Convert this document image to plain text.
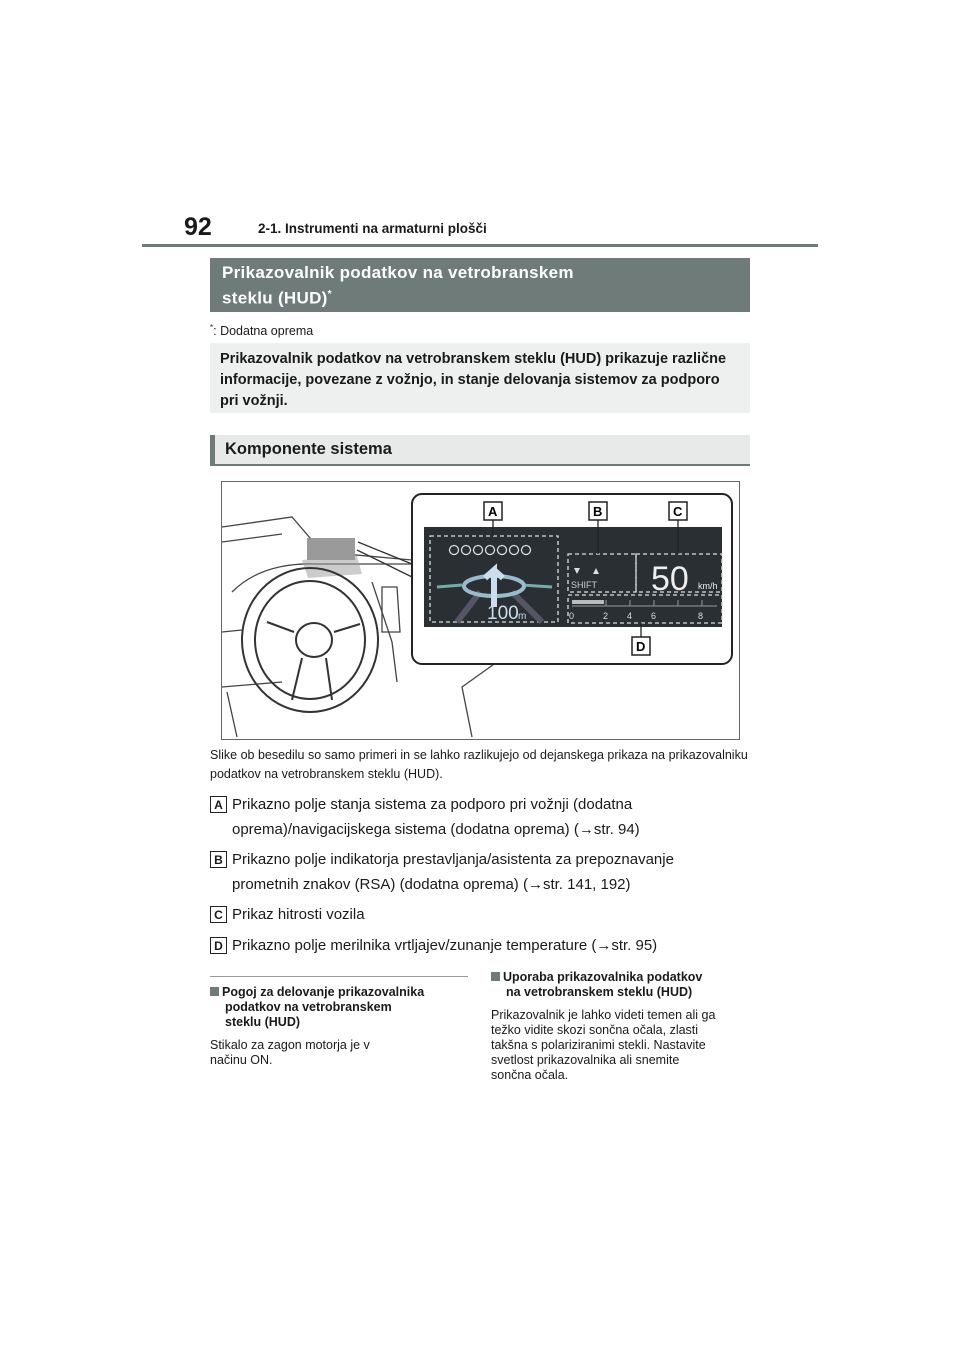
92	2-1. Instrumenti na armaturni plošči
Prikazovalnik podatkov na vetrobranskem
steklu (HUD)*
*: Dodatna oprema
Prikazovalnik podatkov na vetrobranskem steklu (HUD) prikazuje različne informacije, povezane z vožnjo, in stanje delovanja sistemov za podporo pri vožnji.
Komponente sistema
100 m
SHIFT 50 km/h
0	2 4 6	8
A	B	C
D
Slike ob besedilu so samo primeri in se lahko razlikujejo od dejanskega prikaza na prikazovalniku podatkov na vetrobranskem steklu (HUD).
A Prikazno polje stanja sistema za podporo pri vožnji (dodatna
oprema)/navigacijskega sistema (dodatna oprema) (→str. 94)
B Prikazno polje indikatorja prestavljanja/asistenta za prepoznavanje
prometnih znakov (RSA) (dodatna oprema) (→str. 141, 192)
C Prikaz hitrosti vozila
D Prikazno polje merilnika vrtljajev/zunanje temperature (→str. 95)
Pogoj za delovanje prikazovalnika
podatkov na vetrobranskem
steklu (HUD)
Stikalo za zagon motorja je v
načinu ON.
Uporaba prikazovalnika podatkov
na vetrobranskem steklu (HUD)
Prikazovalnik je lahko videti temen ali ga
težko vidite skozi sončna očala, zlasti
takšna s polariziranimi stekli. Nastavite
svetlost prikazovalnika ali snemite
sončna očala.
